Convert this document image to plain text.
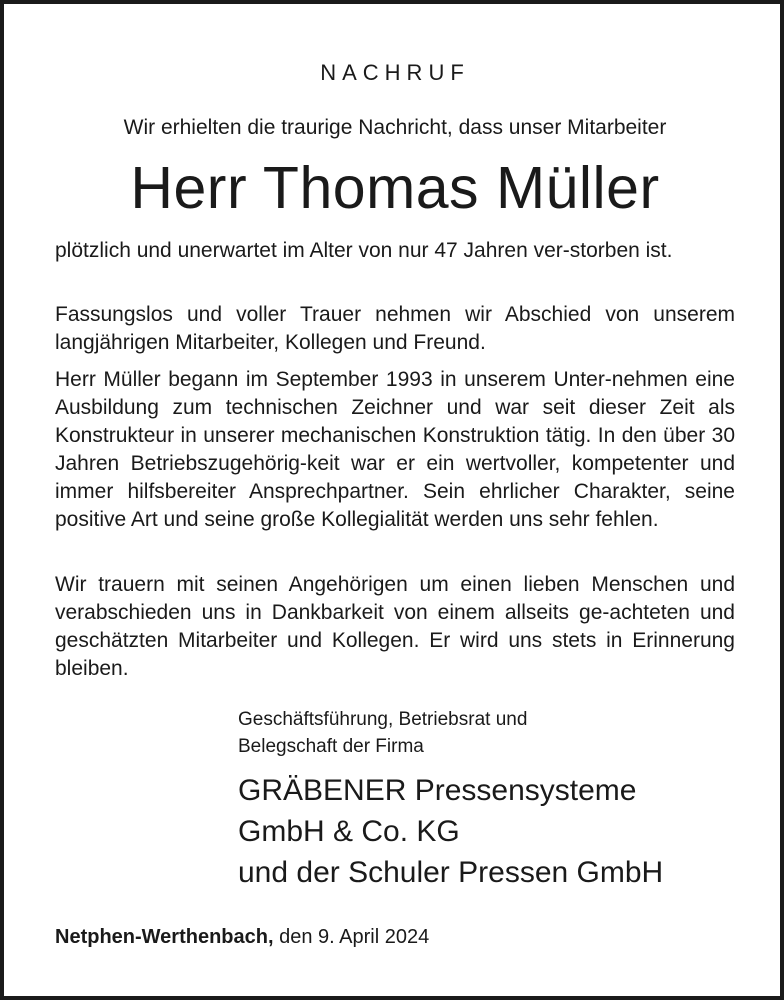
NACHRUF
Wir erhielten die traurige Nachricht, dass unser Mitarbeiter
Herr Thomas Müller
plötzlich und unerwartet im Alter von nur 47 Jahren ver-storben ist.
Fassungslos und voller Trauer nehmen wir Abschied von unserem langjährigen Mitarbeiter, Kollegen und Freund.
Herr Müller begann im September 1993 in unserem Unter-nehmen eine Ausbildung zum technischen Zeichner und war seit dieser Zeit als Konstrukteur in unserer mechanischen Konstruktion tätig. In den über 30 Jahren Betriebszugehörig-keit war er ein wertvoller, kompetenter und immer hilfsbereiter Ansprechpartner. Sein ehrlicher Charakter, seine positive Art und seine große Kollegialität werden uns sehr fehlen.
Wir trauern mit seinen Angehörigen um einen lieben Menschen und verabschieden uns in Dankbarkeit von einem allseits ge-achteten und geschätzten Mitarbeiter und Kollegen. Er wird uns stets in Erinnerung bleiben.
Geschäftsführung, Betriebsrat und
Belegschaft der Firma
GRÄBENER Pressensysteme
GmbH & Co. KG
und der Schuler Pressen GmbH
Netphen-Werthenbach, den 9. April 2024
